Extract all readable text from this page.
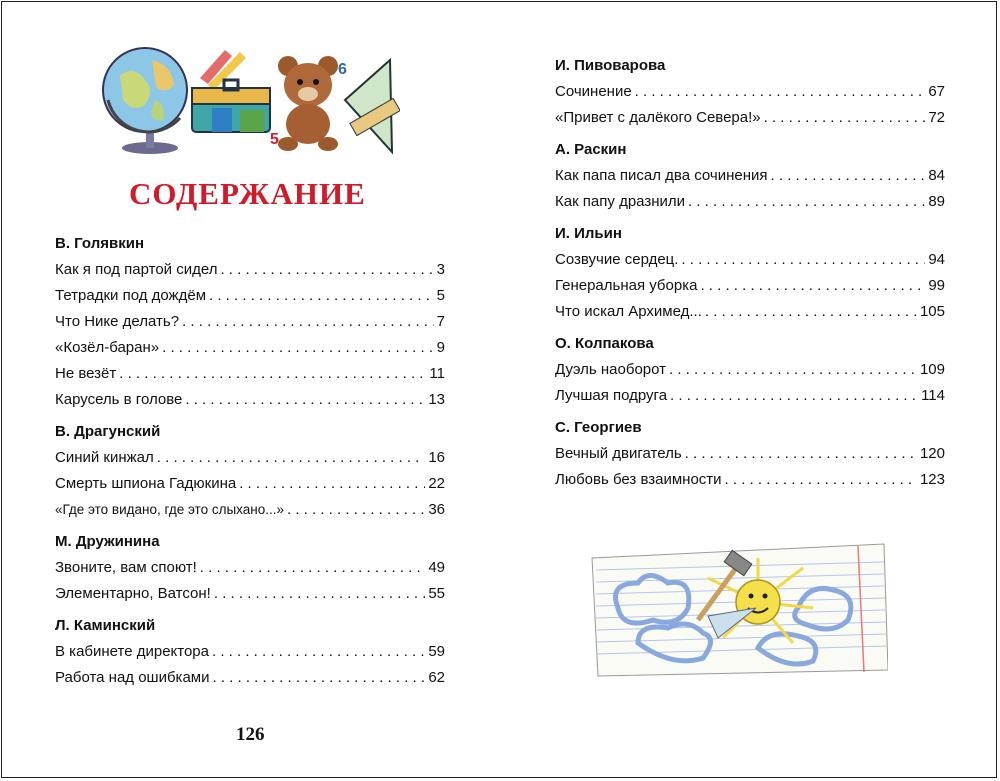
5
6
СОДЕРЖАНИЕ
В. Голявкин
Как я под партой сидел . . .	3
Тетрадки под дождём . . .	5
Что Нике делать? . . .	7
«Козёл-баран» . . .	9
Не везёт . . .	11
Карусель в голове . . .	13
В. Драгунский
Синий кинжал . . .	16
Смерть шпиона Гадюкина . . .	22
«Где это видано, где это слыхано...» . . .	36
М. Дружинина
Звоните, вам споют! . . .	49
Элементарно, Ватсон! . . .	55
Л. Каминский
В кабинете директора . . .	59
Работа над ошибками . . .	62
И. Пивоварова
Сочинение . . .	67
«Привет с далёкого Севера!» . . .	72
А. Раскин
Как папа писал два сочинения . . .	84
Как папу дразнили . . .	89
И. Ильин
Созвучие сердец. . . .	94
Генеральная уборка . . .	99
Что искал Архимед... . . .	105
О. Колпакова
Дуэль наоборот . . .	109
Лучшая подруга . . .	114
С. Георгиев
Вечный двигатель . . .	120
Любовь без взаимности . . .	123
126
